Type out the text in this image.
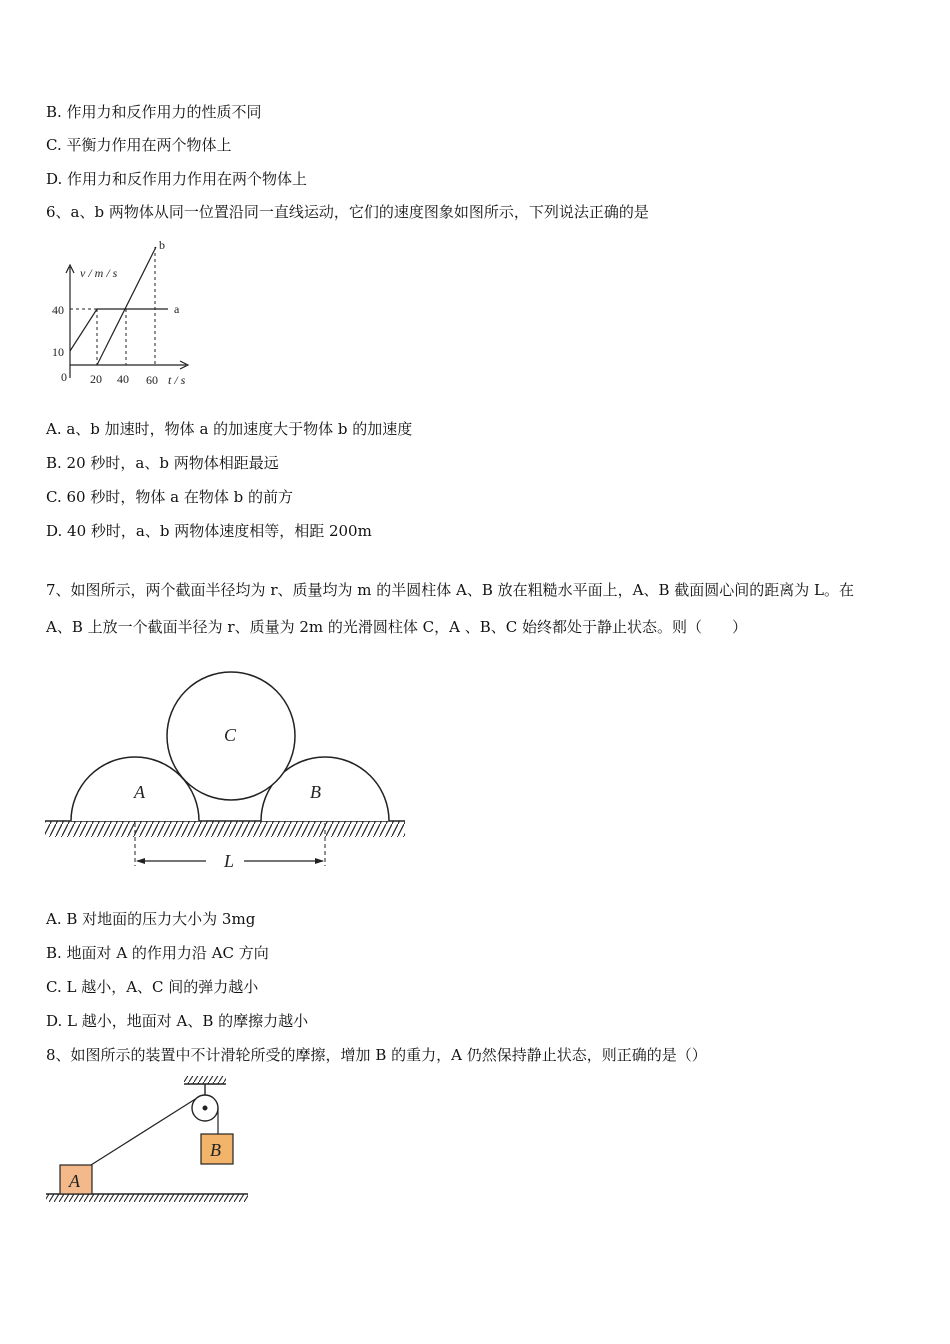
B. 作用力和反作用力的性质不同
C. 平衡力作用在两个物体上
D. 作用力和反作用力作用在两个物体上
6、a、b 两物体从同一位置沿同一直线运动，它们的速度图象如图所示，下列说法正确的是
v / m / s
40
10
0 20 40 60 t / s
a
b
A. a、b 加速时，物体 a 的加速度大于物体 b 的加速度
B. 20 秒时，a、b 两物体相距最远
C. 60 秒时，物体 a 在物体 b 的前方
D. 40 秒时，a、b 两物体速度相等，相距 200m
7、如图所示，两个截面半径均为 r、质量均为 m 的半圆柱体 A、B 放在粗糙水平面上，A、B 截面圆心间的距离为 L。在
A、B 上放一个截面半径为 r、质量为 2m 的光滑圆柱体 C，A 、B、C 始终都处于静止状态。则（　　）
C
A	B
L
A. B 对地面的压力大小为 3mg
B. 地面对 A 的作用力沿 AC 方向
C. L 越小，A、C 间的弹力越小
D. L 越小，地面对 A、B 的摩擦力越小
8、如图所示的装置中不计滑轮所受的摩擦，增加 B 的重力，A 仍然保持静止状态，则正确的是（）
B
A
